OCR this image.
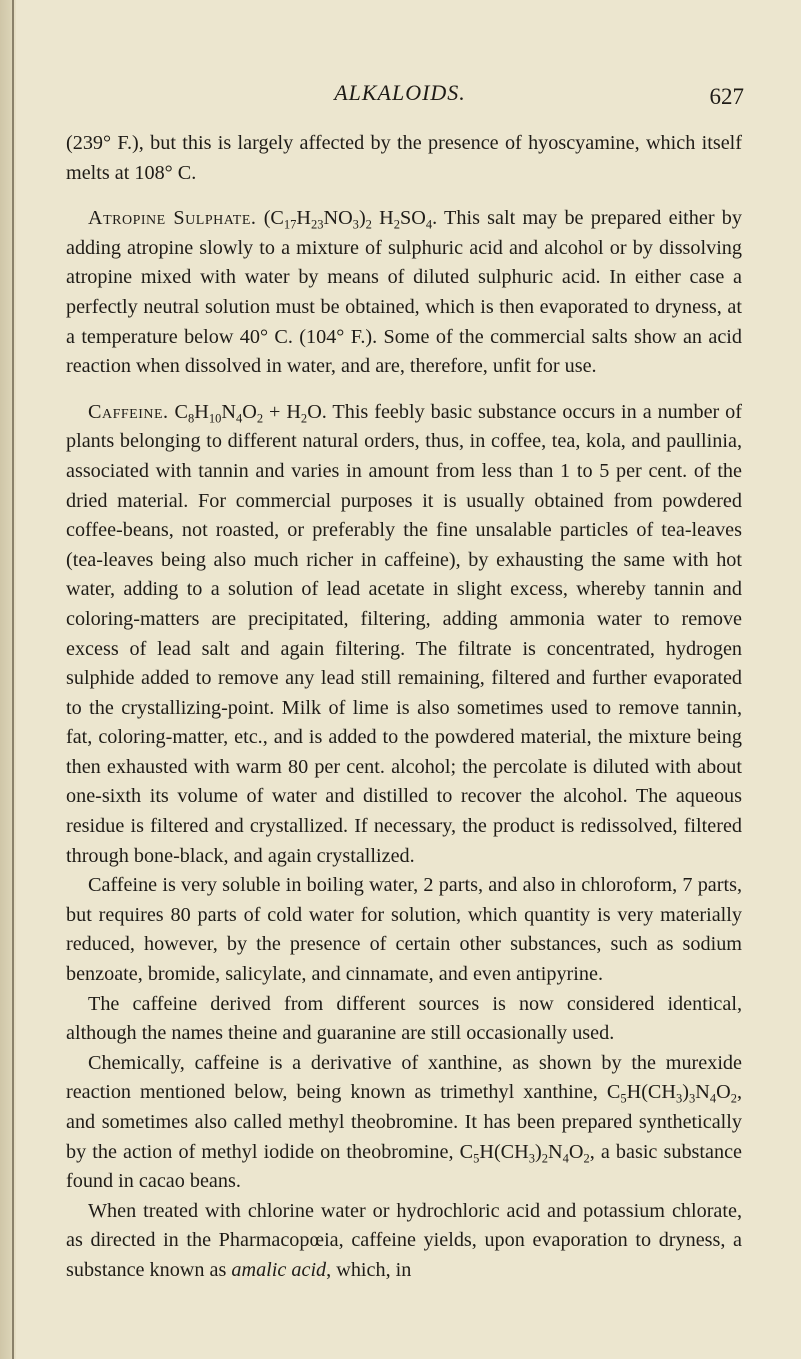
ALKALOIDS.	627

(239° F.), but this is largely affected by the presence of hyoscyamine, which itself melts at 108° C.

Atropine Sulphate. $(C_{17}H_{23}NO_3)_2$ $H_2SO_4$. This salt may be prepared either by adding atropine slowly to a mixture of sulphuric acid and alcohol or by dissolving atropine mixed with water by means of diluted sulphuric acid. In either case a perfectly neutral solution must be obtained, which is then evaporated to dryness, at a temperature below 40° C. (104° F.). Some of the commercial salts show an acid reaction when dissolved in water, and are, therefore, unfit for use.

Caffeine. $C_8H_{10}N_4O_2 + H_2O$. This feebly basic substance occurs in a number of plants belonging to different natural orders, thus, in coffee, tea, kola, and paullinia, associated with tannin and varies in amount from less than 1 to 5 per cent. of the dried material. For commercial purposes it is usually obtained from powdered coffee-beans, not roasted, or preferably the fine unsalable particles of tea-leaves (tea-leaves being also much richer in caffeine), by exhausting the same with hot water, adding to a solution of lead acetate in slight excess, whereby tannin and coloring-matters are precipitated, filtering, adding ammonia water to remove excess of lead salt and again filtering. The filtrate is concentrated, hydrogen sulphide added to remove any lead still remaining, filtered and further evaporated to the crystallizing-point. Milk of lime is also sometimes used to remove tannin, fat, coloring-matter, etc., and is added to the powdered material, the mixture being then exhausted with warm 80 per cent. alcohol; the percolate is diluted with about one-sixth its volume of water and distilled to recover the alcohol. The aqueous residue is filtered and crystallized. If necessary, the product is redissolved, filtered through bone-black, and again crystallized.

Caffeine is very soluble in boiling water, 2 parts, and also in chloroform, 7 parts, but requires 80 parts of cold water for solution, which quantity is very materially reduced, however, by the presence of certain other substances, such as sodium benzoate, bromide, salicylate, and cinnamate, and even antipyrine.

The caffeine derived from different sources is now considered identical, although the names theine and guaranine are still occasionally used.

Chemically, caffeine is a derivative of xanthine, as shown by the murexide reaction mentioned below, being known as trimethyl xanthine, $C_5H(CH_3)_3N_4O_2$, and sometimes also called methyl theobromine. It has been prepared synthetically by the action of methyl iodide on theobromine, $C_5H(CH_3)_2N_4O_2$, a basic substance found in cacao beans.

When treated with chlorine water or hydrochloric acid and potassium chlorate, as directed in the Pharmacopœia, caffeine yields, upon evaporation to dryness, a substance known as amalic acid, which, in
